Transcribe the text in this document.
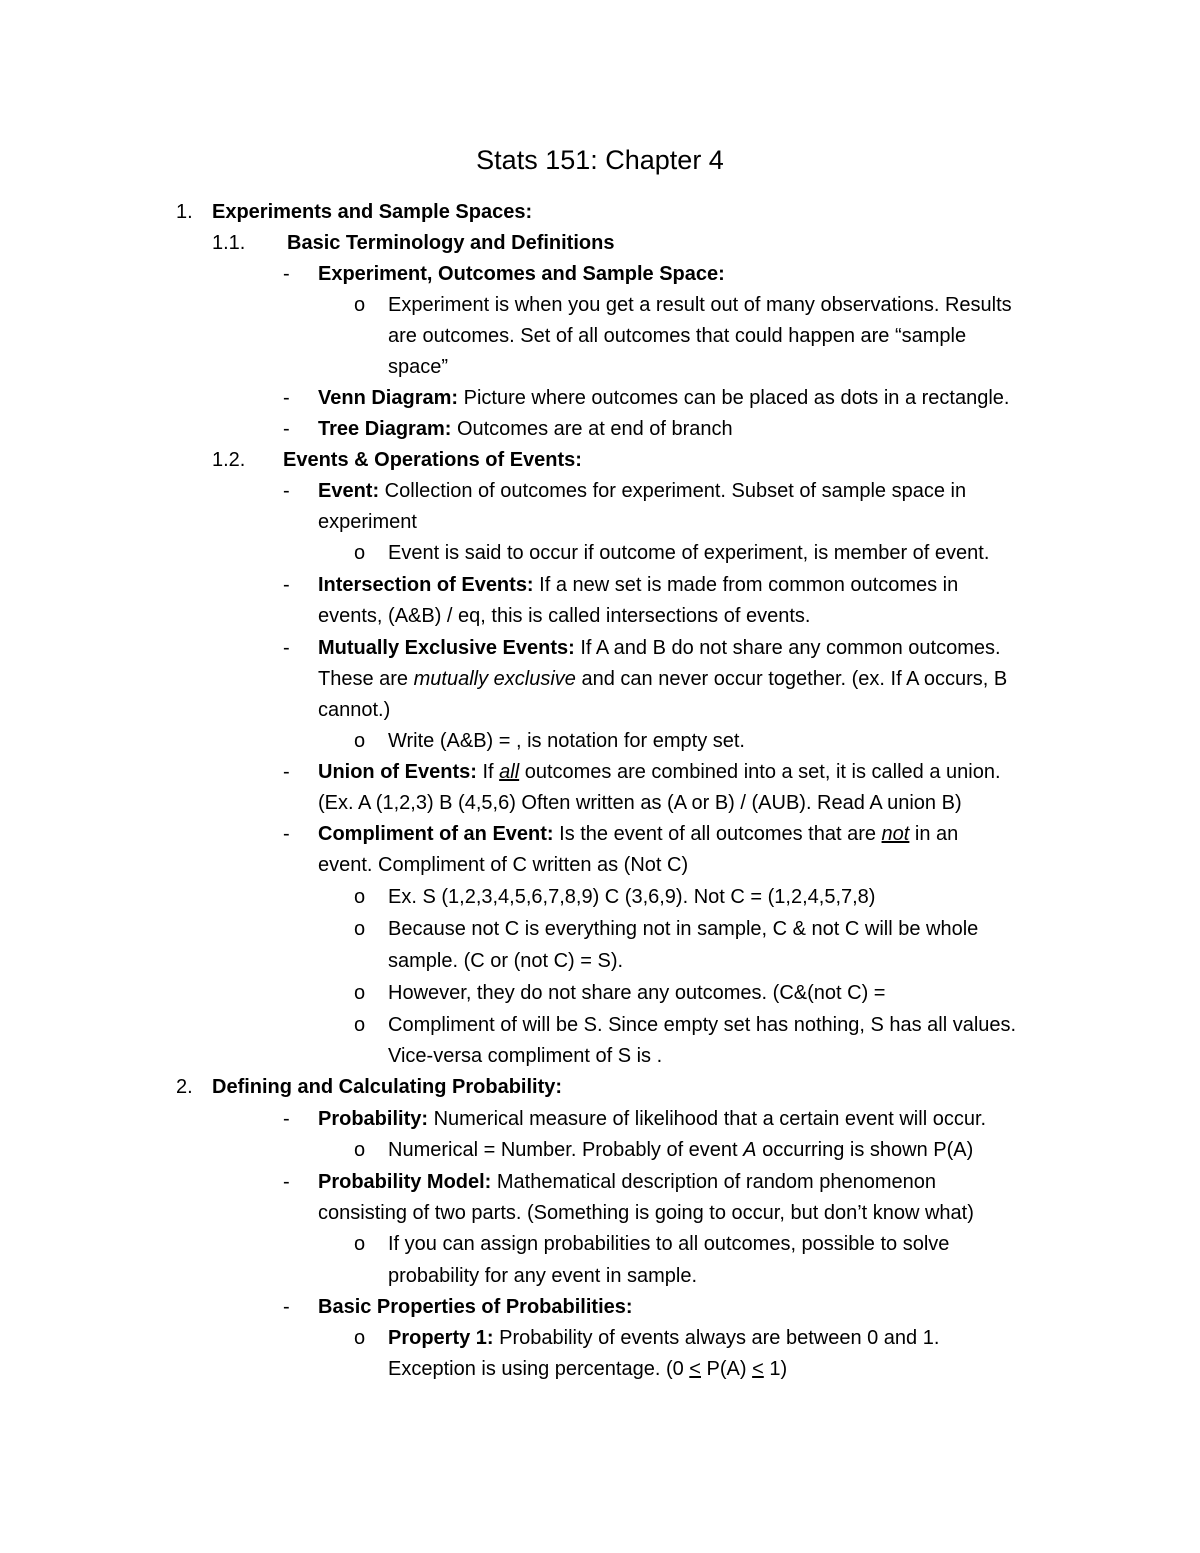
Stats 151: Chapter 4
1. Experiments and Sample Spaces:
1.1. Basic Terminology and Definitions
- Experiment, Outcomes and Sample Space:
o Experiment is when you get a result out of many observations. Results
are outcomes. Set of all outcomes that could happen are “sample
space”
- Venn Diagram: Picture where outcomes can be placed as dots in a rectangle.
- Tree Diagram: Outcomes are at end of branch
1.2. Events & Operations of Events:
- Event: Collection of outcomes for experiment. Subset of sample space in
experiment
o Event is said to occur if outcome of experiment, is member of event.
- Intersection of Events: If a new set is made from common outcomes in
events, (A&B) / eq, this is called intersections of events.
- Mutually Exclusive Events: If A and B do not share any common outcomes.
These are mutually exclusive and can never occur together. (ex. If A occurs, B
cannot.)
o Write (A&B) = , is notation for empty set.
- Union of Events: If all outcomes are combined into a set, it is called a union.
(Ex. A (1,2,3) B (4,5,6) Often written as (A or B) / (AUB). Read A union B)
- Compliment of an Event: Is the event of all outcomes that are not in an
event. Compliment of C written as (Not C)
o Ex. S (1,2,3,4,5,6,7,8,9) C (3,6,9). Not C = (1,2,4,5,7,8)
o Because not C is everything not in sample, C & not C will be whole
sample. (C or (not C) = S).
o However, they do not share any outcomes. (C&(not C) =
o Compliment of will be S. Since empty set has nothing, S has all values.
Vice-versa compliment of S is .
2. Defining and Calculating Probability:
- Probability: Numerical measure of likelihood that a certain event will occur.
o Numerical = Number. Probably of event A occurring is shown P(A)
- Probability Model: Mathematical description of random phenomenon
consisting of two parts. (Something is going to occur, but don’t know what)
o If you can assign probabilities to all outcomes, possible to solve
probability for any event in sample.
- Basic Properties of Probabilities:
o Property 1: Probability of events always are between 0 and 1.
Exception is using percentage. (0 ≤ P(A) ≤ 1)
